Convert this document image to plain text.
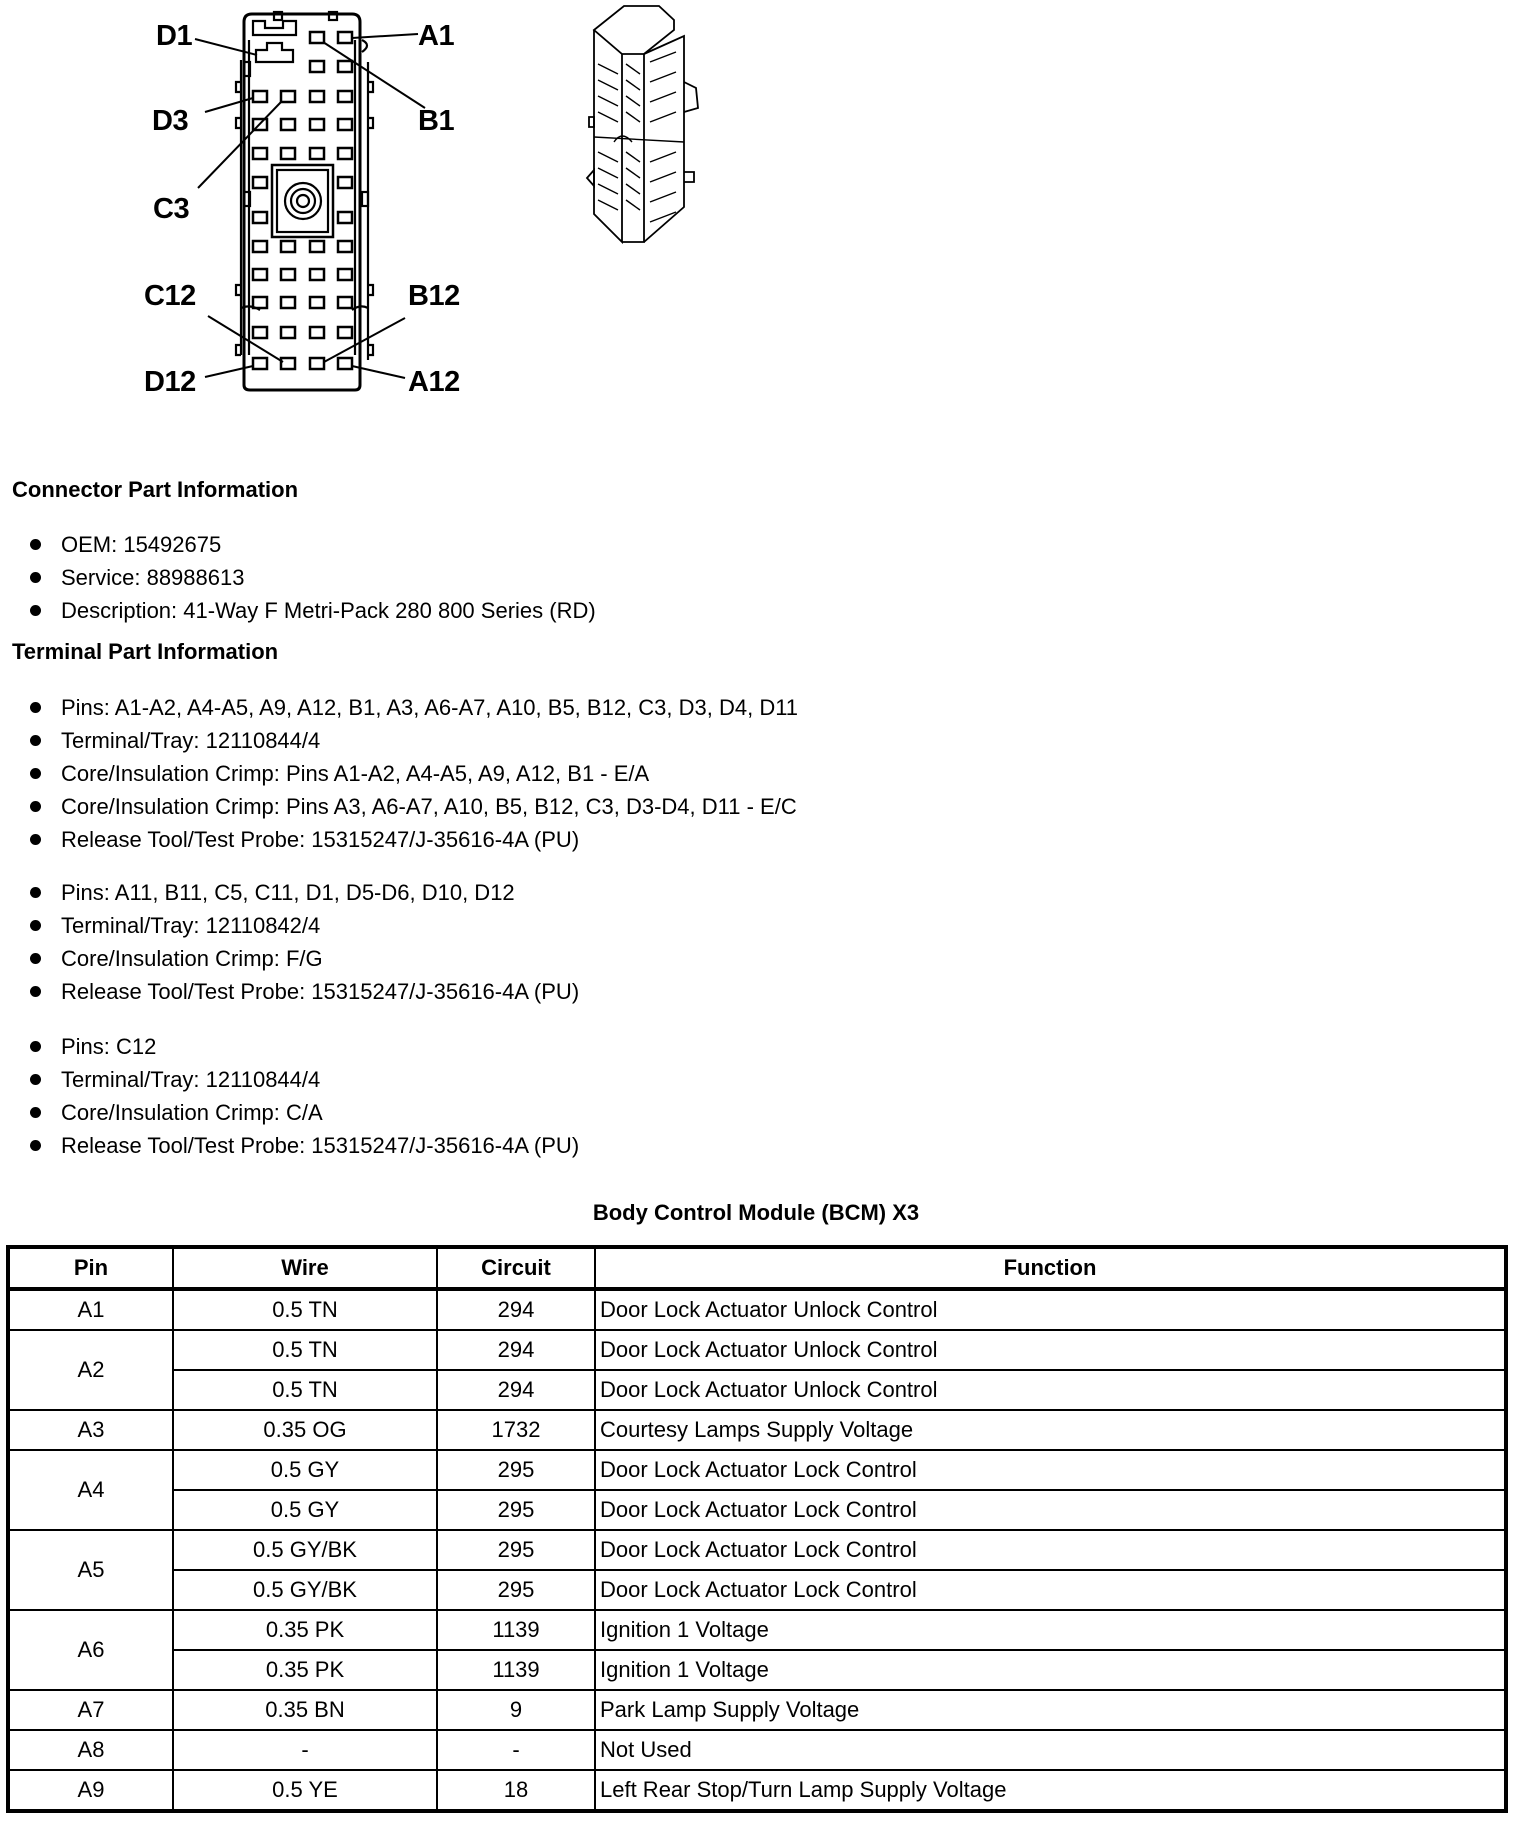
D1	A1
D3	B1
C3
C12	B12
D12	A12
Connector Part Information
OEM: 15492675
Service: 88988613
Description: 41-Way F Metri-Pack 280 800 Series (RD)
Terminal Part Information
Pins: A1-A2, A4-A5, A9, A12, B1, A3, A6-A7, A10, B5, B12, C3, D3, D4, D11
Terminal/Tray: 12110844/4
Core/Insulation Crimp: Pins A1-A2, A4-A5, A9, A12, B1 - E/A
Core/Insulation Crimp: Pins A3, A6-A7, A10, B5, B12, C3, D3-D4, D11 - E/C
Release Tool/Test Probe: 15315247/J-35616-4A (PU)
Pins: A11, B11, C5, C11, D1, D5-D6, D10, D12
Terminal/Tray: 12110842/4
Core/Insulation Crimp: F/G
Release Tool/Test Probe: 15315247/J-35616-4A (PU)
Pins: C12
Terminal/Tray: 12110844/4
Core/Insulation Crimp: C/A
Release Tool/Test Probe: 15315247/J-35616-4A (PU)
Body Control Module (BCM) X3
Pin	Wire	Circuit	Function
A1	0.5 TN	294	Door Lock Actuator Unlock Control
A2	0.5 TN	294	Door Lock Actuator Unlock Control
	0.5 TN	294	Door Lock Actuator Unlock Control
A3	0.35 OG	1732	Courtesy Lamps Supply Voltage
A4	0.5 GY	295	Door Lock Actuator Lock Control
	0.5 GY	295	Door Lock Actuator Lock Control
A5	0.5 GY/BK	295	Door Lock Actuator Lock Control
	0.5 GY/BK	295	Door Lock Actuator Lock Control
A6	0.35 PK	1139	Ignition 1 Voltage
	0.35 PK	1139	Ignition 1 Voltage
A7	0.35 BN	9	Park Lamp Supply Voltage
A8	-	-	Not Used
A9	0.5 YE	18	Left Rear Stop/Turn Lamp Supply Voltage
